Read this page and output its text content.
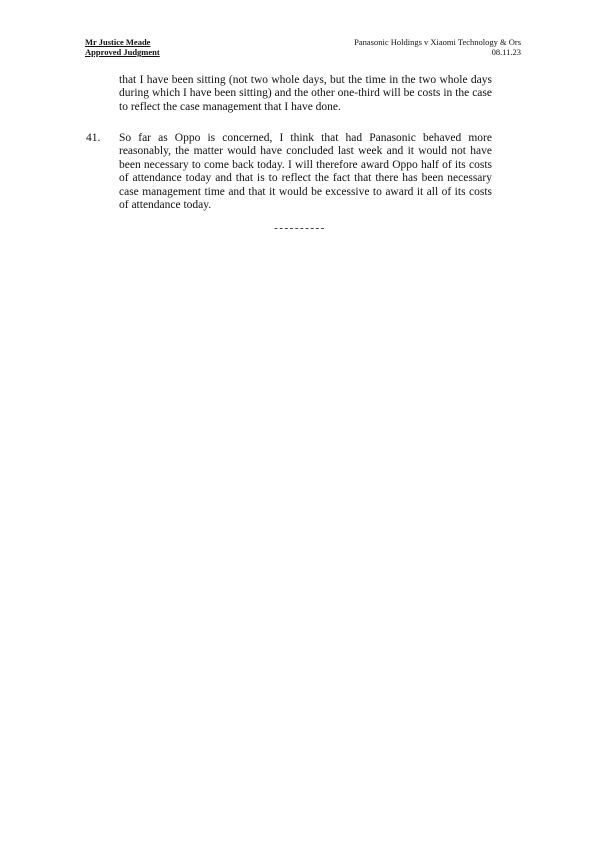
Mr Justice Meade
Approved Judgment
Panasonic Holdings v Xiaomi Technology & Ors
08.11.23

that I have been sitting (not two whole days, but the time in the two whole days during which I have been sitting) and the other one-third will be costs in the case to reflect the case management that I have done.

41. So far as Oppo is concerned, I think that had Panasonic behaved more reasonably, the matter would have concluded last week and it would not have been necessary to come back today. I will therefore award Oppo half of its costs of attendance today and that is to reflect the fact that there has been necessary case management time and that it would be excessive to award it all of its costs of attendance today.

----------
